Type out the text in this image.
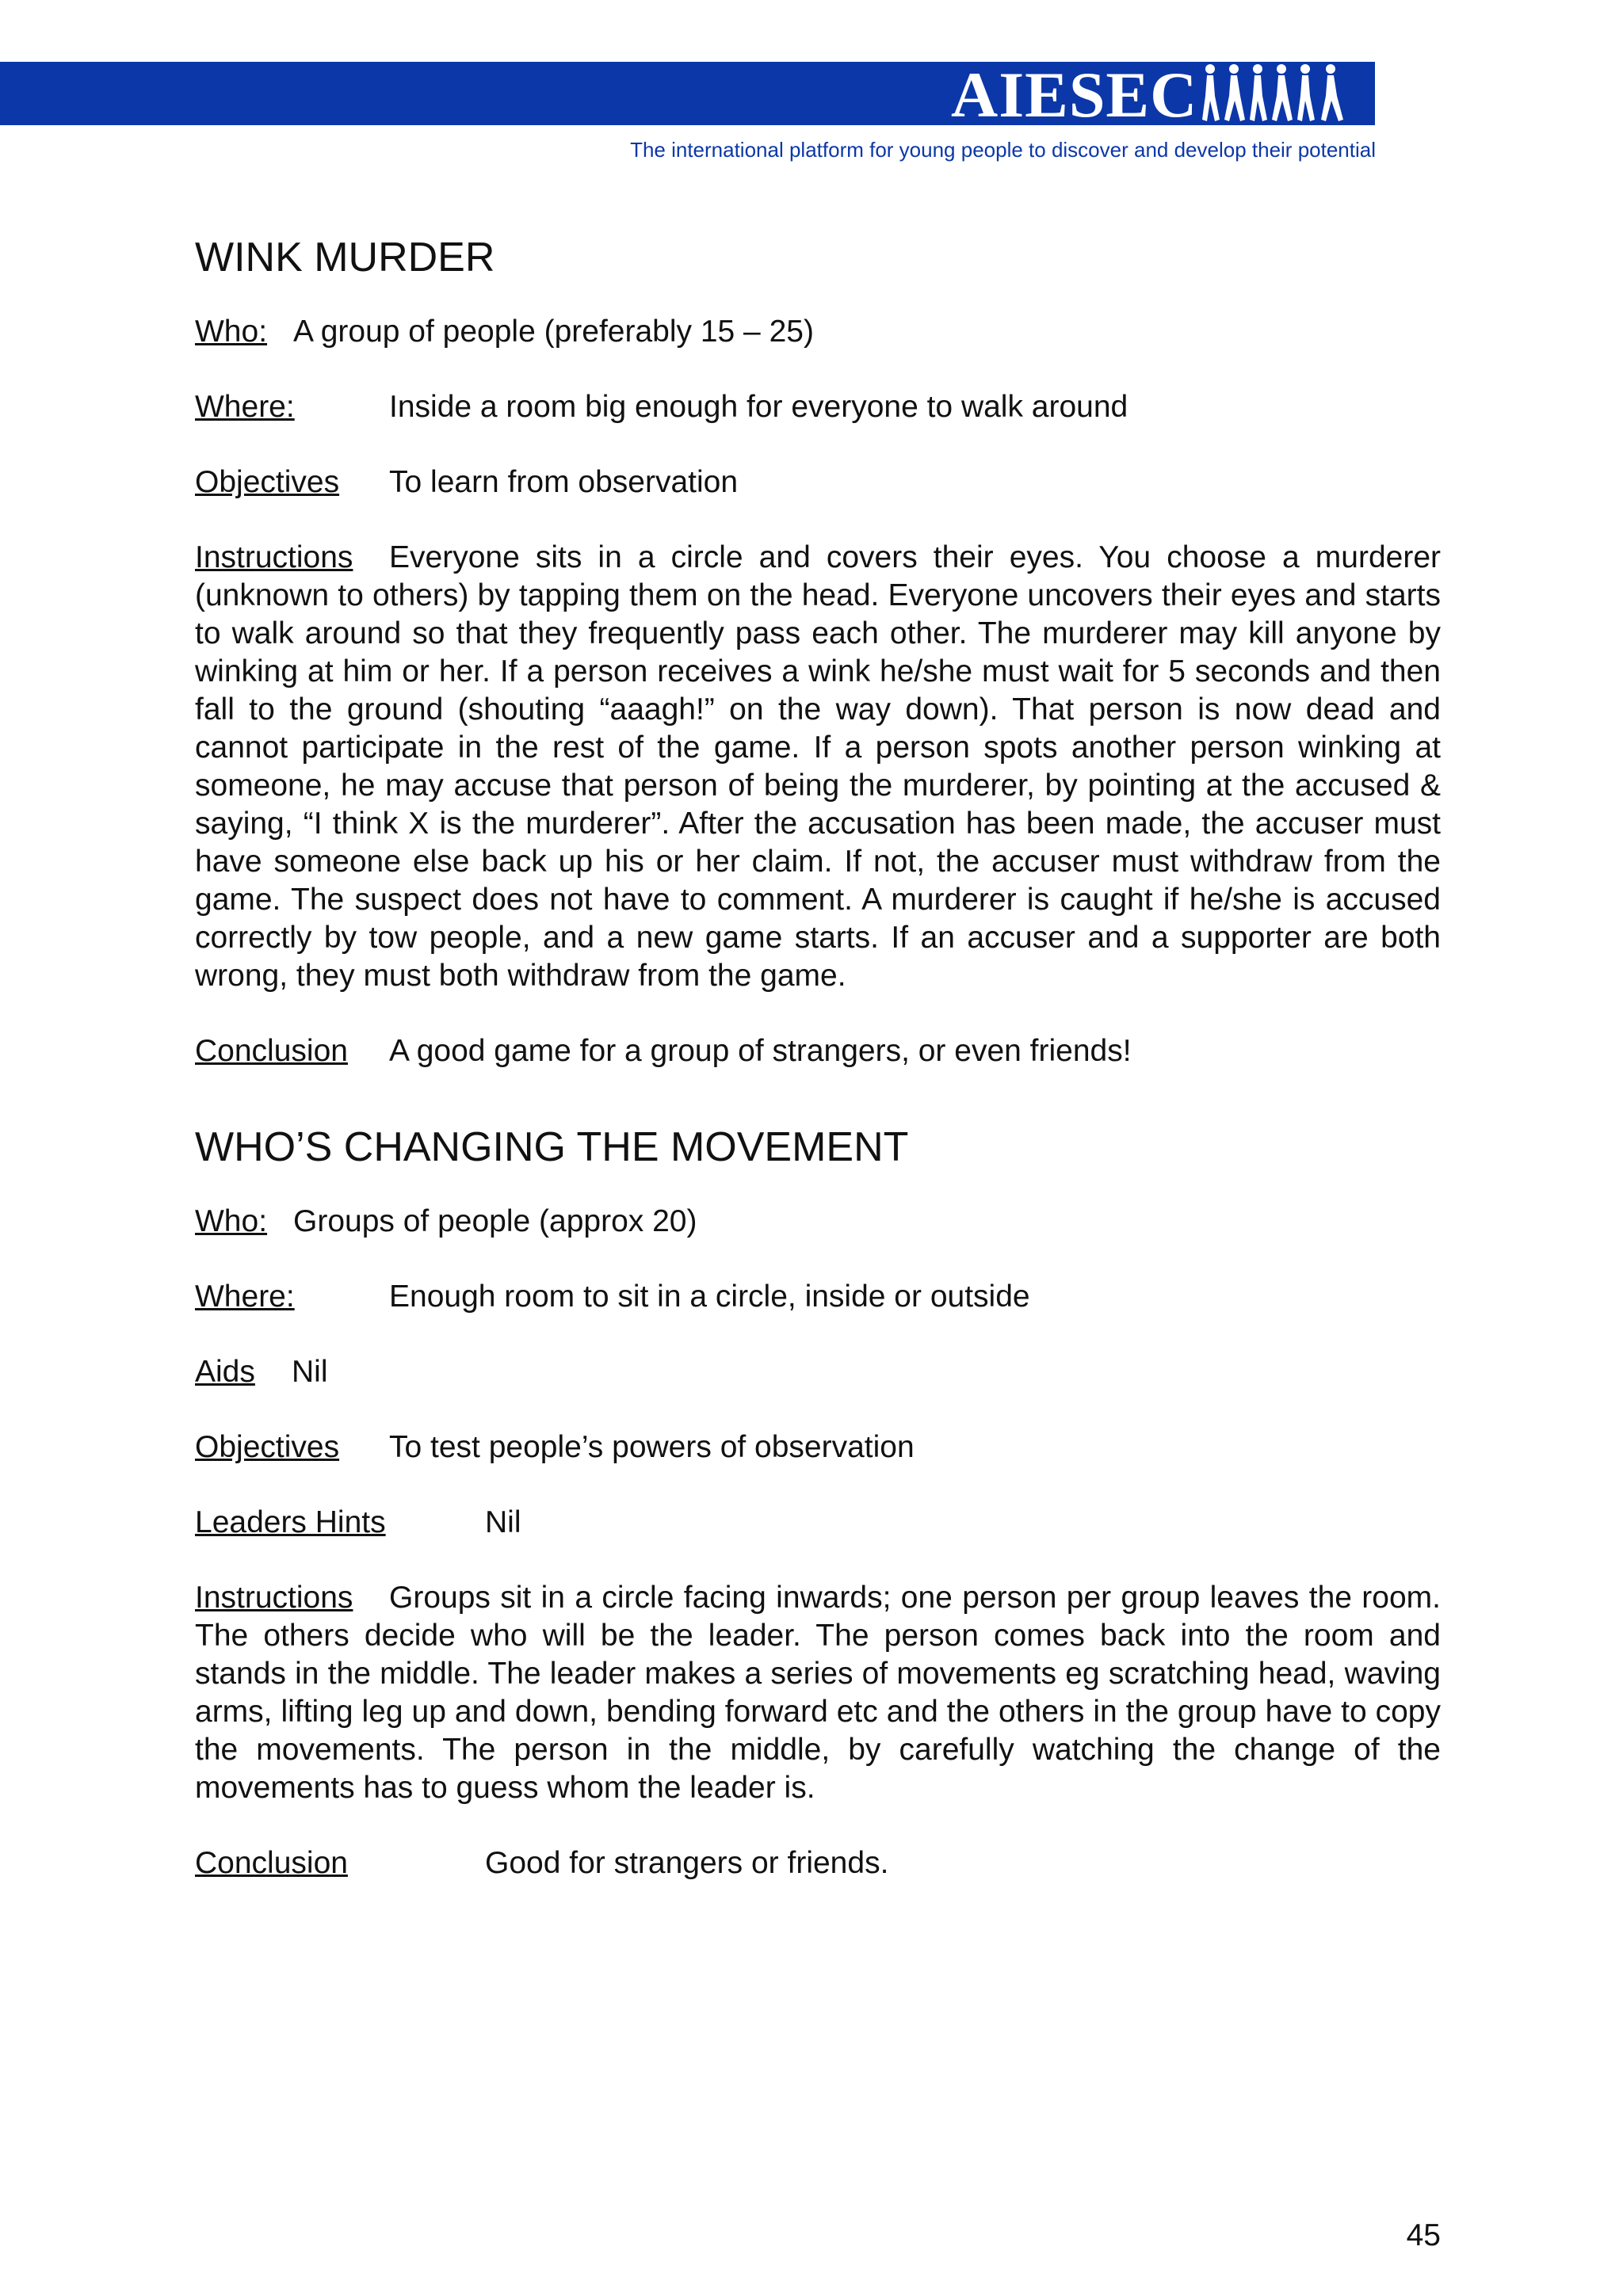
AIESEC
The international platform for young people to discover and develop their potential
WINK MURDER
Who: A group of people (preferably 15 – 25)
Where:	Inside a room big enough for everyone to walk around
Objectives To learn from observation
Instructions Everyone sits in a circle and covers their eyes. You choose a murderer (unknown to others) by tapping them on the head. Everyone uncovers their eyes and starts to walk around so that they frequently pass each other. The murderer may kill anyone by winking at him or her. If a person receives a wink he/she must wait for 5 seconds and then fall to the ground (shouting “aaagh!” on the way down). That person is now dead and cannot participate in the rest of the game. If a person spots another person winking at someone, he may accuse that person of being the murderer, by pointing at the accused & saying, “I think X is the murderer”. After the accusation has been made, the accuser must have someone else back up his or her claim. If not, the accuser must withdraw from the game. The suspect does not have to comment. A murderer is caught if he/she is accused correctly by tow people, and a new game starts. If an accuser and a supporter are both wrong, they must both withdraw from the game.
Conclusion A good game for a group of strangers, or even friends!
WHO’S CHANGING THE MOVEMENT
Who: Groups of people (approx 20)
Where:	Enough room to sit in a circle, inside or outside
Aids Nil
Objectives To test people’s powers of observation
Leaders Hints	Nil
Instructions Groups sit in a circle facing inwards; one person per group leaves the room. The others decide who will be the leader. The person comes back into the room and stands in the middle. The leader makes a series of movements eg scratching head, waving arms, lifting leg up and down, bending forward etc and the others in the group have to copy the movements. The person in the middle, by carefully watching the change of the movements has to guess whom the leader is.
Conclusion	Good for strangers or friends.
45
